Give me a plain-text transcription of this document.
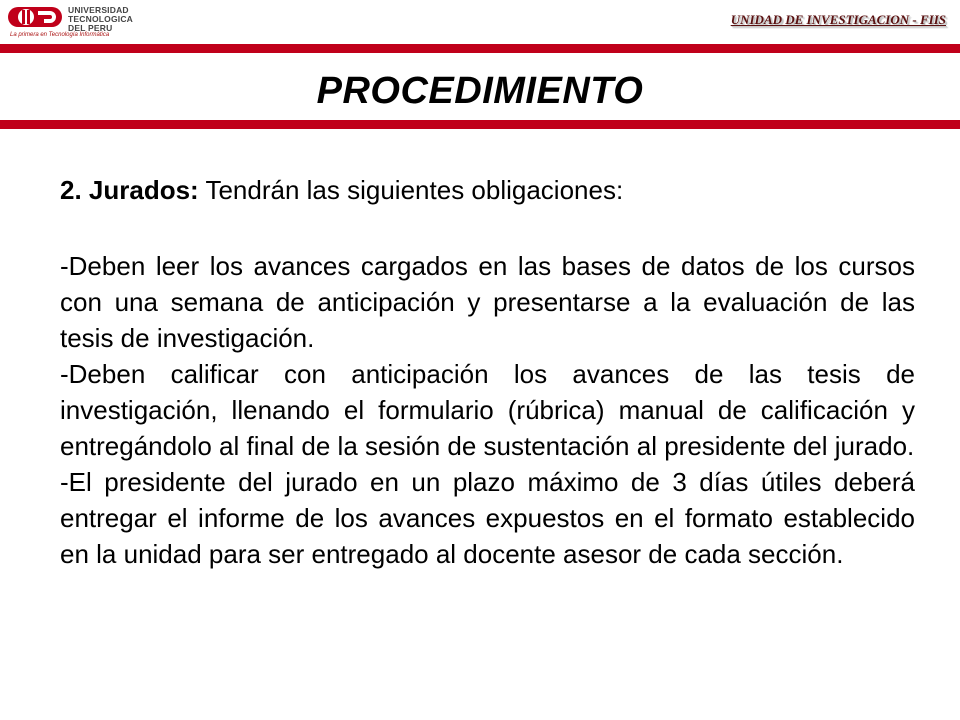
UNIVERSIDAD
TECNOLOGICA
DEL PERU
La primera en Tecnología Informática
UNIDAD DE INVESTIGACION - FIIS
PROCEDIMIENTO

2. Jurados: Tendrán las siguientes obligaciones:

-Deben leer los avances cargados en las bases de datos de los cursos con una semana de anticipación y presentarse a la evaluación de las tesis de investigación.

-Deben calificar con anticipación los avances de las tesis de investigación, llenando el formulario (rúbrica) manual de calificación y entregándolo al final de la sesión de sustentación al presidente del jurado.

-El presidente del jurado en un plazo máximo de 3 días útiles deberá entregar el informe de los avances expuestos en el formato establecido en la unidad para ser entregado al docente asesor de cada sección.
